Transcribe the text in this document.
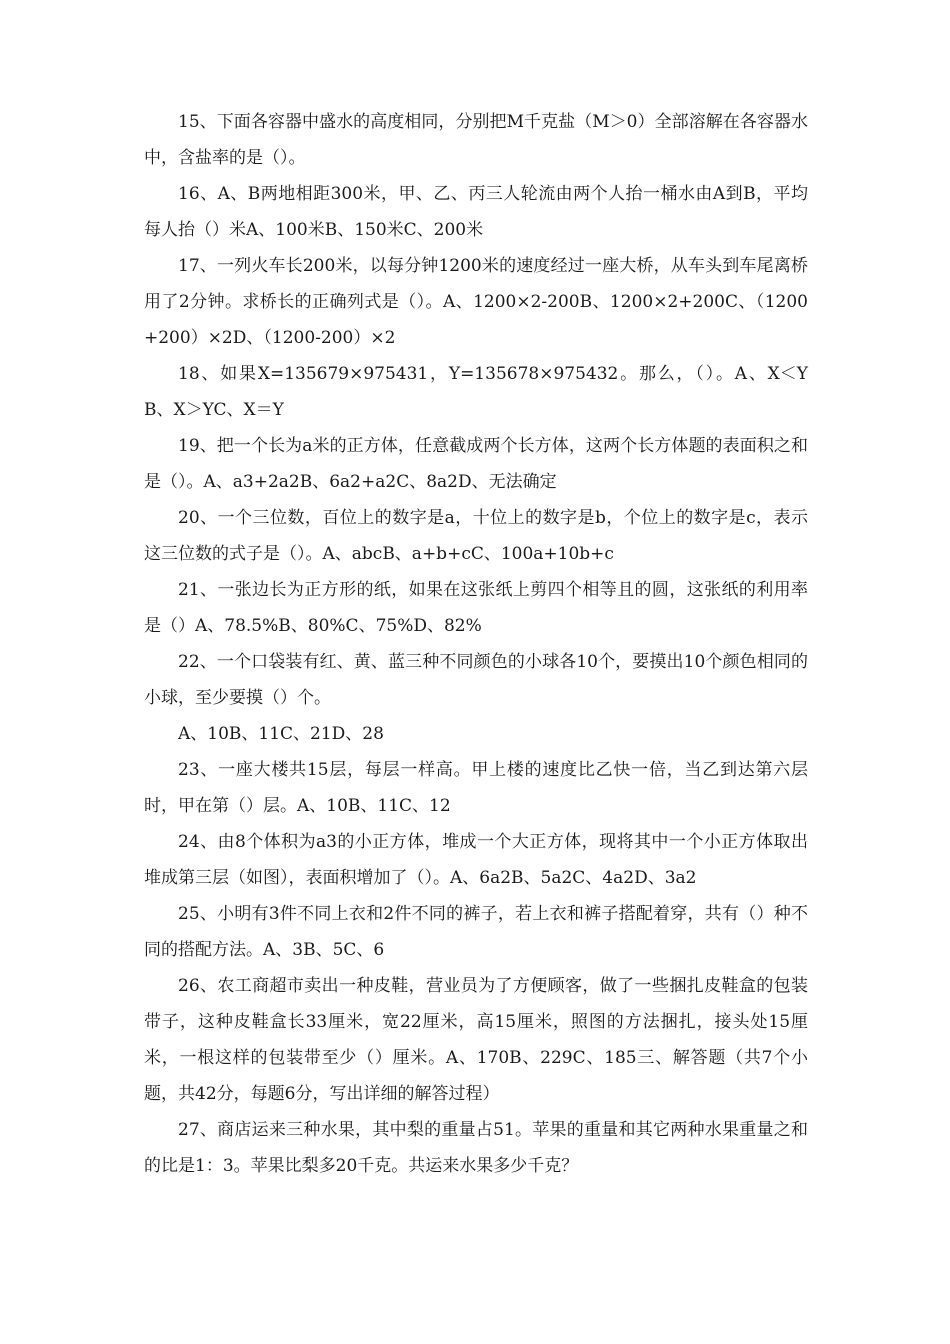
15、下面各容器中盛水的高度相同，分别把M千克盐（M＞0）全部溶解在各容器水中，含盐率的是（）。

16、A、B两地相距300米，甲、乙、丙三人轮流由两个人抬一桶水由A到B，平均每人抬（）米A、100米B、150米C、200米

17、一列火车长200米，以每分钟1200米的速度经过一座大桥，从车头到车尾离桥用了2分钟。求桥长的正确列式是（）。A、1200×2-200B、1200×2+200C、（1200+200）×2D、（1200-200）×2

18、如果X=135679×975431，Y=135678×975432。那么，（）。A、X＜YB、X＞YC、X＝Y

19、把一个长为a米的正方体，任意截成两个长方体，这两个长方体题的表面积之和是（）。A、a3+2a2B、6a2+a2C、8a2D、无法确定

20、一个三位数，百位上的数字是a，十位上的数字是b，个位上的数字是c，表示这三位数的式子是（）。A、abcB、a+b+cC、100a+10b+c

21、一张边长为正方形的纸，如果在这张纸上剪四个相等且的圆，这张纸的利用率是（）A、78.5%B、80%C、75%D、82%

22、一个口袋装有红、黄、蓝三种不同颜色的小球各10个，要摸出10个颜色相同的小球，至少要摸（）个。

A、10B、11C、21D、28

23、一座大楼共15层，每层一样高。甲上楼的速度比乙快一倍，当乙到达第六层时，甲在第（）层。A、10B、11C、12

24、由8个体积为a3的小正方体，堆成一个大正方体，现将其中一个小正方体取出堆成第三层（如图），表面积增加了（）。A、6a2B、5a2C、4a2D、3a2

25、小明有3件不同上衣和2件不同的裤子，若上衣和裤子搭配着穿，共有（）种不同的搭配方法。A、3B、5C、6

26、农工商超市卖出一种皮鞋，营业员为了方便顾客，做了一些捆扎皮鞋盒的包装带子，这种皮鞋盒长33厘米，宽22厘米，高15厘米，照图的方法捆扎，接头处15厘米，一根这样的包装带至少（）厘米。A、170B、229C、185三、解答题（共7个小题，共42分，每题6分，写出详细的解答过程）

27、商店运来三种水果，其中梨的重量占51。苹果的重量和其它两种水果重量之和的比是1：3。苹果比梨多20千克。共运来水果多少千克？
